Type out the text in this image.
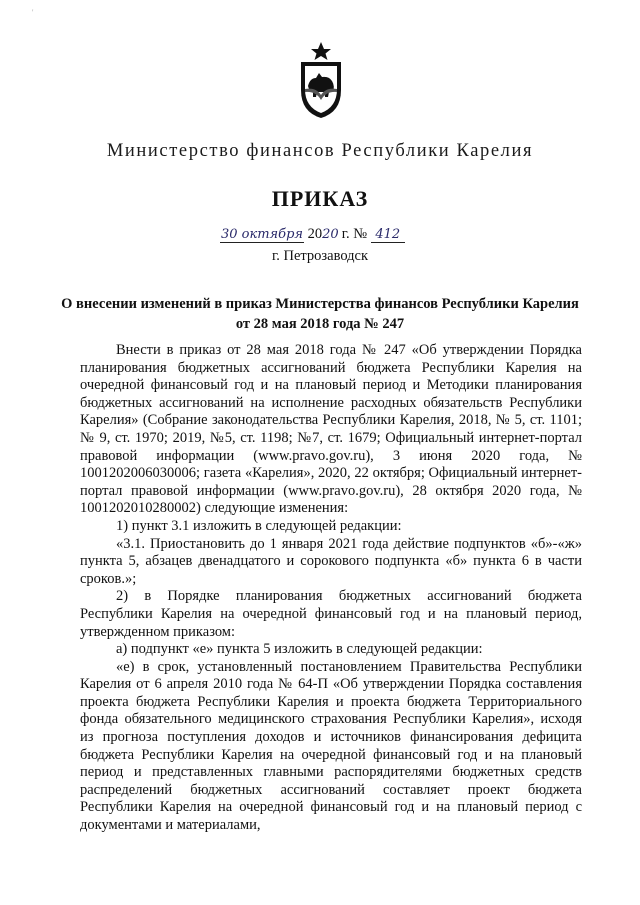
'
Министерство финансов Республики Карелия
ПРИКАЗ
30 октября 2020 г. № 412
г. Петрозаводск
О внесении изменений в приказ Министерства финансов Республики Карелия от 28 мая 2018 года № 247

Внести в приказ от 28 мая 2018 года № 247 «Об утверждении Порядка планирования бюджетных ассигнований бюджета Республики Карелия на очередной финансовый год и на плановый период и Методики планирования бюджетных ассигнований на исполнение расходных обязательств Республики Карелия» (Собрание законодательства Республики Карелия, 2018, № 5, ст. 1101; № 9, ст. 1970; 2019, №5, ст. 1198; №7, ст. 1679; Официальный интернет-портал правовой информации (www.pravo.gov.ru), 3 июня 2020 года, № 1001202006030006; газета «Карелия», 2020, 22 октября; Официальный интернет-портал правовой информации (www.pravo.gov.ru), 28 октября 2020 года, № 1001202010280002) следующие изменения:

1) пункт 3.1 изложить в следующей редакции:

«3.1. Приостановить до 1 января 2021 года действие подпунктов «б»-«ж» пункта 5, абзацев двенадцатого и сорокового подпункта «б» пункта 6 в части сроков.»;

2) в Порядке планирования бюджетных ассигнований бюджета Республики Карелия на очередной финансовый год и на плановый период, утвержденном приказом:

а) подпункт «е» пункта 5 изложить в следующей редакции:

«е) в срок, установленный постановлением Правительства Республики Карелия от 6 апреля 2010 года № 64-П «Об утверждении Порядка составления проекта бюджета Республики Карелия и проекта бюджета Территориального фонда обязательного медицинского страхования Республики Карелия», исходя из прогноза поступления доходов и источников финансирования дефицита бюджета Республики Карелия на очередной финансовый год и на плановый период и представленных главными распорядителями бюджетных средств распределений бюджетных ассигнований составляет проект бюджета Республики Карелия на очередной финансовый год и на плановый период с документами и материалами,
